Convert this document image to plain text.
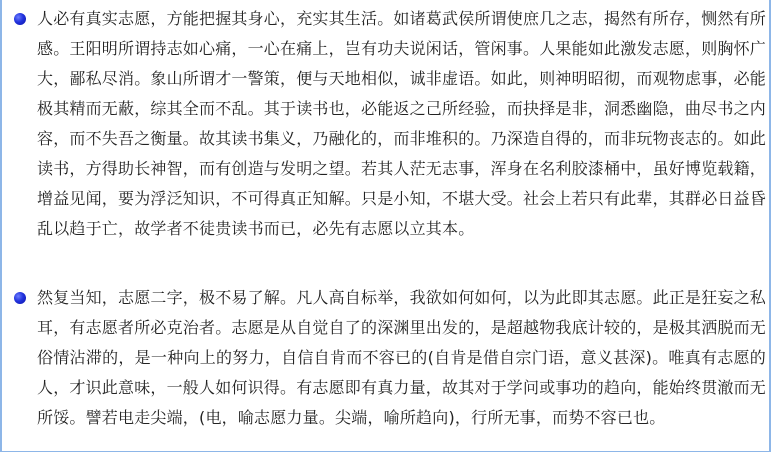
人必有真实志愿，方能把握其身心，充实其生活。如诸葛武侯所谓使庶几之志，揭然有所存，恻然有所感。王阳明所谓持志如心痛，一心在痛上，岂有功夫说闲话，管闲事。人果能如此激发志愿，则胸怀广大，鄙私尽消。象山所谓才一警策，便与天地相似，诚非虚语。如此，则神明昭彻，而观物虑事，必能极其精而无蔽，综其全而不乱。其于读书也，必能返之己所经验，而抉择是非，洞悉幽隐，曲尽书之内容，而不失吾之衡量。故其读书集义，乃融化的，而非堆积的。乃深造自得的，而非玩物丧志的。如此读书，方得助长神智，而有创造与发明之望。若其人茫无志事，浑身在名利胶漆桶中，虽好博览载籍，增益见闻，要为浮泛知识，不可得真正知解。只是小知，不堪大受。社会上若只有此辈，其群必日益昏乱以趋于亡，故学者不徒贵读书而已，必先有志愿以立其本。

然复当知，志愿二字，极不易了解。凡人高自标举，我欲如何如何，以为此即其志愿。此正是狂妄之私耳，有志愿者所必克治者。志愿是从自觉自了的深渊里出发的，是超越物我底计较的，是极其洒脱而无俗情沾滞的，是一种向上的努力，自信自肯而不容已的(自肯是借自宗门语，意义甚深)。唯真有志愿的人，才识此意味，一般人如何识得。有志愿即有真力量，故其对于学问或事功的趋向，能始终贯澈而无所馁。譬若电走尖端，(电，喻志愿力量。尖端，喻所趋向)，行所无事，而势不容已也。
